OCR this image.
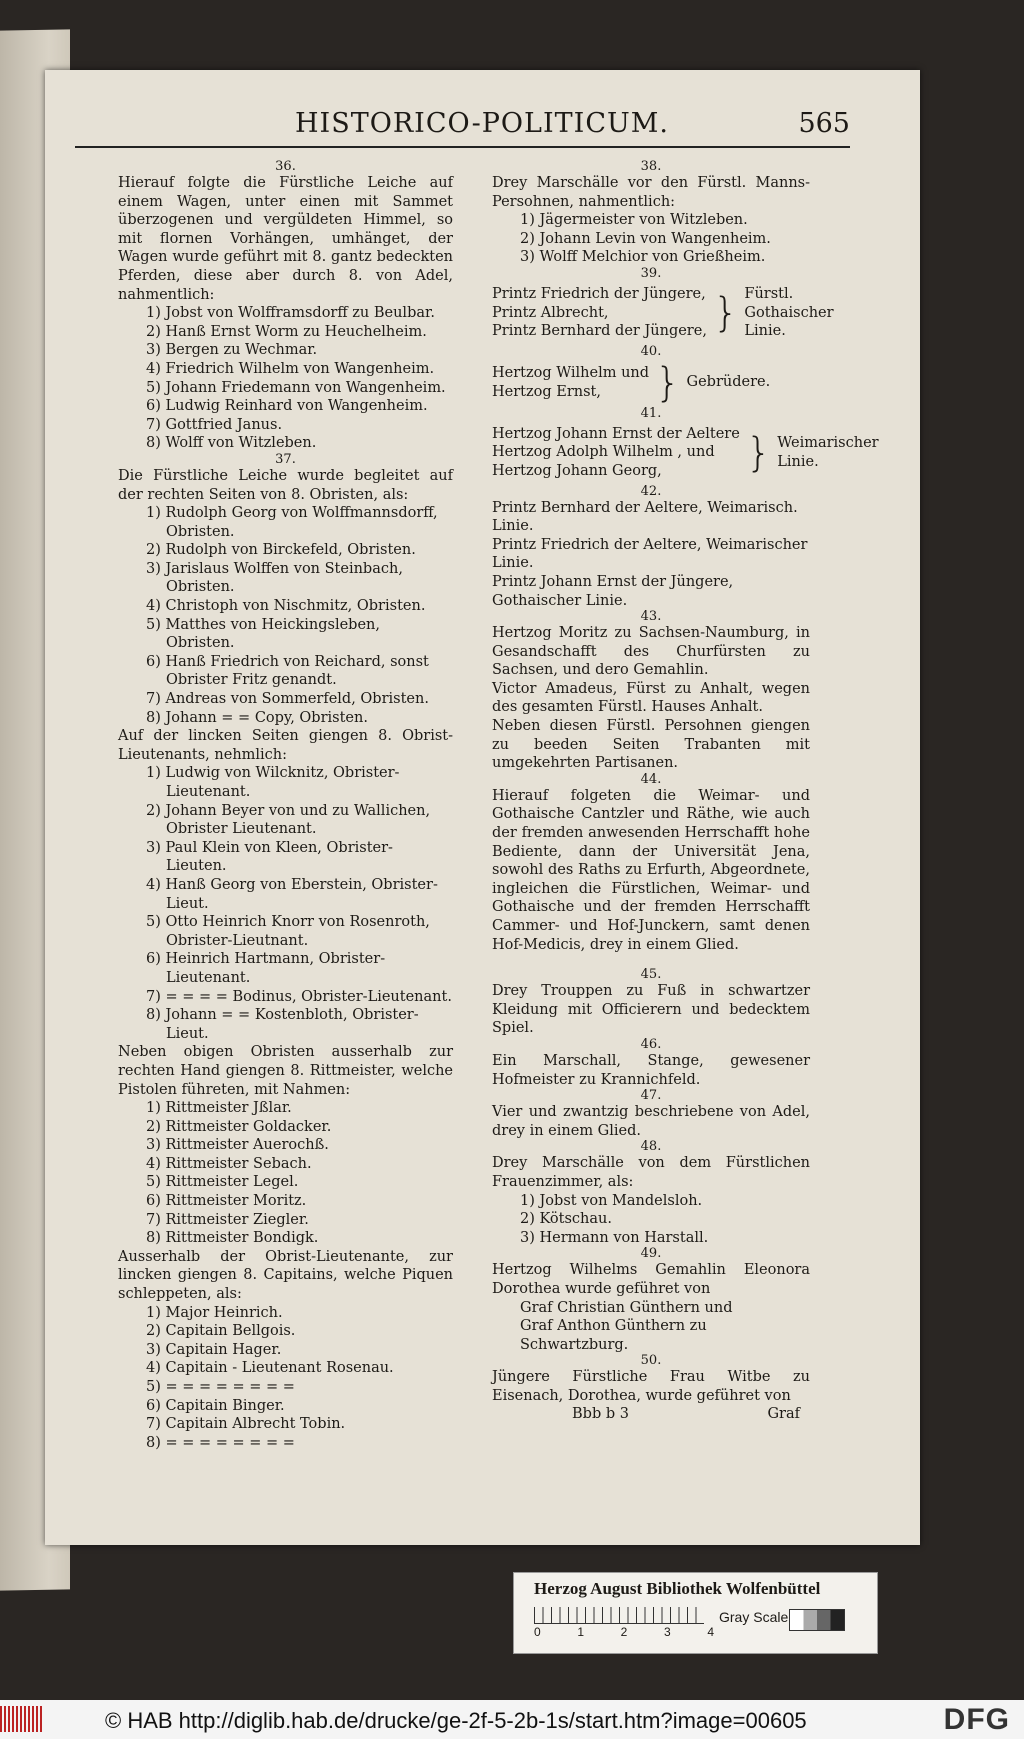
HISTORICO-POLITICUM.	565
36.
Hierauf folgte die Fürstliche Leiche auf einem Wagen, unter einen mit Sammet überzogenen und vergüldeten Himmel, so mit flornen Vorhängen, umhänget, der Wagen wurde geführt mit 8. gantz bedeckten Pferden, diese aber durch 8. von Adel, nahmentlich:
1) Jobst von Wolfframsdorff zu Beulbar.
2) Hanß Ernst Worm zu Heuchelheim.
3) Bergen zu Wechmar.
4) Friedrich Wilhelm von Wangenheim.
5) Johann Friedemann von Wangenheim.
6) Ludwig Reinhard von Wangenheim.
7) Gottfried Janus.
8) Wolff von Witzleben.
37.
Die Fürstliche Leiche wurde begleitet auf der rechten Seiten von 8. Obristen, als:
1) Rudolph Georg von Wolffmannsdorff, Obristen.
2) Rudolph von Birckefeld, Obristen.
3) Jarislaus Wolffen von Steinbach, Obristen.
4) Christoph von Nischmitz, Obristen.
5) Matthes von Heickingsleben, Obristen.
6) Hanß Friedrich von Reichard, sonst Obrister Fritz genandt.
7) Andreas von Sommerfeld, Obristen.
8) Johann = = Copy, Obristen.
Auf der lincken Seiten giengen 8. Obrist-Lieutenants, nehmlich:
1) Ludwig von Wilcknitz, Obrister-Lieutenant.
2) Johann Beyer von und zu Wallichen, Obrister Lieutenant.
3) Paul Klein von Kleen, Obrister-Lieuten.
4) Hanß Georg von Eberstein, Obrister-Lieut.
5) Otto Heinrich Knorr von Rosenroth, Obrister-Lieutnant.
6) Heinrich Hartmann, Obrister-Lieutenant.
7) = = = = Bodinus, Obrister-Lieutenant.
8) Johann = = Kostenbloth, Obrister-Lieut.
Neben obigen Obristen ausserhalb zur rechten Hand giengen 8. Rittmeister, welche Pistolen führeten, mit Nahmen:
1) Rittmeister Jßlar.
2) Rittmeister Goldacker.
3) Rittmeister Auerochß.
4) Rittmeister Sebach.
5) Rittmeister Legel.
6) Rittmeister Moritz.
7) Rittmeister Ziegler.
8) Rittmeister Bondigk.
Ausserhalb der Obrist-Lieutenante, zur lincken giengen 8. Capitains, welche Piquen schleppeten, als:
1) Major Heinrich.
2) Capitain Bellgois.
3) Capitain Hager.
4) Capitain - Lieutenant Rosenau.
5) = = = = = = = =
6) Capitain Binger.
7) Capitain Albrecht Tobin.
8) = = = = = = = =
38.
Drey Marschälle vor den Fürstl. Manns-Persohnen, nahmentlich:
1) Jägermeister von Witzleben.
2) Johann Levin von Wangenheim.
3) Wolff Melchior von Grießheim.
39.
Printz Friedrich der Jüngere,
Printz Albrecht,
Printz Bernhard der Jüngere, } Fürstl. Gothaischer Linie.
40.
Hertzog Wilhelm und
Hertzog Ernst,	} Gebrüdere.
41.
Hertzog Johann Ernst der Aeltere
Hertzog Adolph Wilhelm , und
Hertzog Johann Georg,	} Weimarischer Linie.
42.
Printz Bernhard der Aeltere, Weimarisch. Linie.
Printz Friedrich der Aeltere, Weimarischer Linie.
Printz Johann Ernst der Jüngere, Gothaischer Linie.
43.
Hertzog Moritz zu Sachsen-Naumburg, in Gesandschafft des Churfürsten zu Sachsen, und dero Gemahlin.
Victor Amadeus, Fürst zu Anhalt, wegen des gesamten Fürstl. Hauses Anhalt.
Neben diesen Fürstl. Persohnen giengen zu beeden Seiten Trabanten mit umgekehrten Partisanen.
44.
Hierauf folgeten die Weimar- und Gothaische Cantzler und Räthe, wie auch der fremden anwesenden Herrschafft hohe Bediente, dann der Universität Jena, sowohl des Raths zu Erfurth, Abgeordnete, ingleichen die Fürstlichen, Weimar- und Gothaische und der fremden Herrschafft Cammer- und Hof-Junckern, samt denen Hof-Medicis, drey in einem Glied.
45.
Drey Trouppen zu Fuß in schwartzer Kleidung mit Officierern und bedecktem Spiel.
46.
Ein Marschall, Stange, gewesener Hofmeister zu Krannichfeld.
47.
Vier und zwantzig beschriebene von Adel, drey in einem Glied.
48.
Drey Marschälle von dem Fürstlichen Frauenzimmer, als:
1) Jobst von Mandelsloh.
2) Kötschau.
3) Hermann von Harstall.
49.
Hertzog Wilhelms Gemahlin Eleonora Dorothea wurde geführet von
Graf Christian Günthern und
Graf Anthon Günthern zu Schwartzburg.
50.
Jüngere Fürstliche Frau Witbe zu Eisenach, Dorothea, wurde geführet von
Bbb b 3	Graf
Herzog August Bibliothek Wolfenbüttel
0	1	2	3	4
Gray Scale
© HAB http://diglib.hab.de/drucke/ge-2f-5-2b-1s/start.htm?image=00605	DFG
